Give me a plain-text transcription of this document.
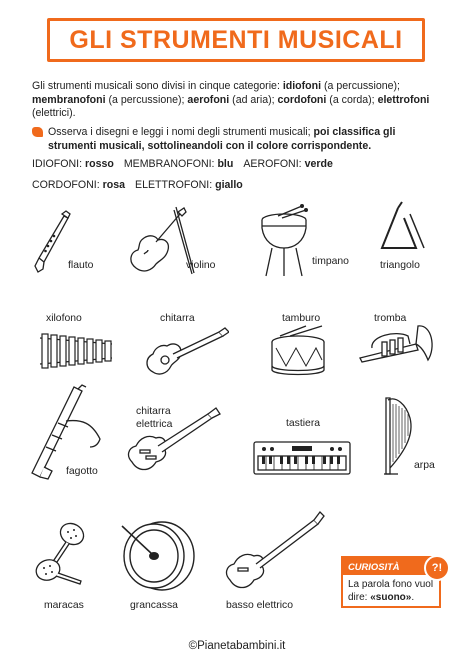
GLI STRUMENTI MUSICALI
Gli strumenti musicali sono divisi in cinque categorie: idiofoni (a percussione); membranofoni (a percussione); aerofoni (ad aria); cordofoni (a corda); elettrofoni (elettrici).
Osserva i disegni e leggi i nomi degli strumenti musicali; poi classifica gli strumenti musicali, sottolineandoli con il colore corrispondente.
IDIOFONI: rosso MEMBRANOFONI: blu AEROFONI: verde
CORDOFONI: rosa ELETTROFONI: giallo
flauto	violino	timpano	triangolo
xilofono	chitarra	tamburo	tromba
fagotto
chitarra elettrica	tastiera
arpa
maracas	grancassa	basso elettrico
CURIOSITÀ
La parola fono vuol dire: «suono».
?!
©Pianetabambini.it
